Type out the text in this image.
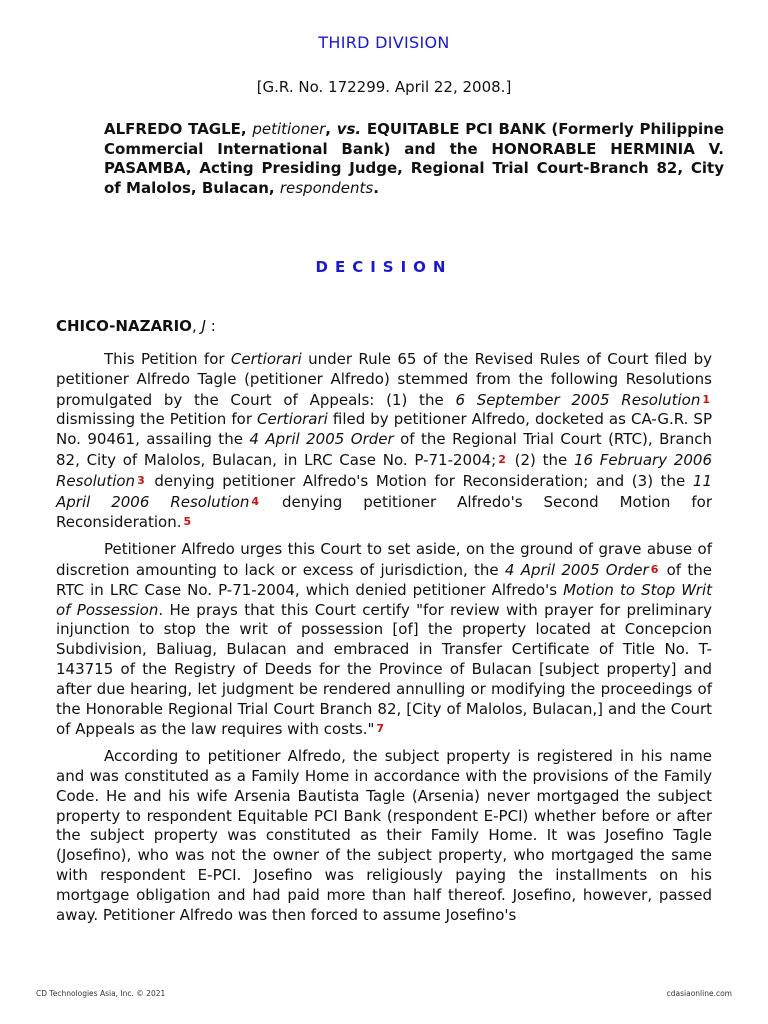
THIRD DIVISION
[G.R. No. 172299. April 22, 2008.]
ALFREDO TAGLE, petitioner, vs. EQUITABLE PCI BANK (Formerly Philippine Commercial International Bank) and the HONORABLE HERMINIA V. PASAMBA, Acting Presiding Judge, Regional Trial Court-Branch 82, City of Malolos, Bulacan, respondents.
DECISION
CHICO-NAZARIO, J :

This Petition for Certiorari under Rule 65 of the Revised Rules of Court filed by petitioner Alfredo Tagle (petitioner Alfredo) stemmed from the following Resolutions promulgated by the Court of Appeals: (1) the 6 September 2005 Resolution $^1$ dismissing the Petition for Certiorari filed by petitioner Alfredo, docketed as CA-G.R. SP No. 90461, assailing the 4 April 2005 Order of the Regional Trial Court (RTC), Branch 82, City of Malolos, Bulacan, in LRC Case No. P-71-2004; $^2$ (2) the 16 February 2006 Resolution $^3$ denying petitioner Alfredo's Motion for Reconsideration; and (3) the 11 April 2006 Resolution $^4$ denying petitioner Alfredo's Second Motion for Reconsideration. $^5$

Petitioner Alfredo urges this Court to set aside, on the ground of grave abuse of discretion amounting to lack or excess of jurisdiction, the 4 April 2005 Order $^6$ of the RTC in LRC Case No. P-71-2004, which denied petitioner Alfredo's Motion to Stop Writ of Possession. He prays that this Court certify "for review with prayer for preliminary injunction to stop the writ of possession [of] the property located at Concepcion Subdivision, Baliuag, Bulacan and embraced in Transfer Certificate of Title No. T-143715 of the Registry of Deeds for the Province of Bulacan [subject property] and after due hearing, let judgment be rendered annulling or modifying the proceedings of the Honorable Regional Trial Court Branch 82, [City of Malolos, Bulacan,] and the Court of Appeals as the law requires with costs." $^7$

According to petitioner Alfredo, the subject property is registered in his name and was constituted as a Family Home in accordance with the provisions of the Family Code. He and his wife Arsenia Bautista Tagle (Arsenia) never mortgaged the subject property to respondent Equitable PCI Bank (respondent E-PCI) whether before or after the subject property was constituted as their Family Home. It was Josefino Tagle (Josefino), who was not the owner of the subject property, who mortgaged the same with respondent E-PCI. Josefino was religiously paying the installments on his mortgage obligation and had paid more than half thereof. Josefino, however, passed away. Petitioner Alfredo was then forced to assume Josefino's

CD Technologies Asia, Inc. © 2021	cdasiaonline.com
